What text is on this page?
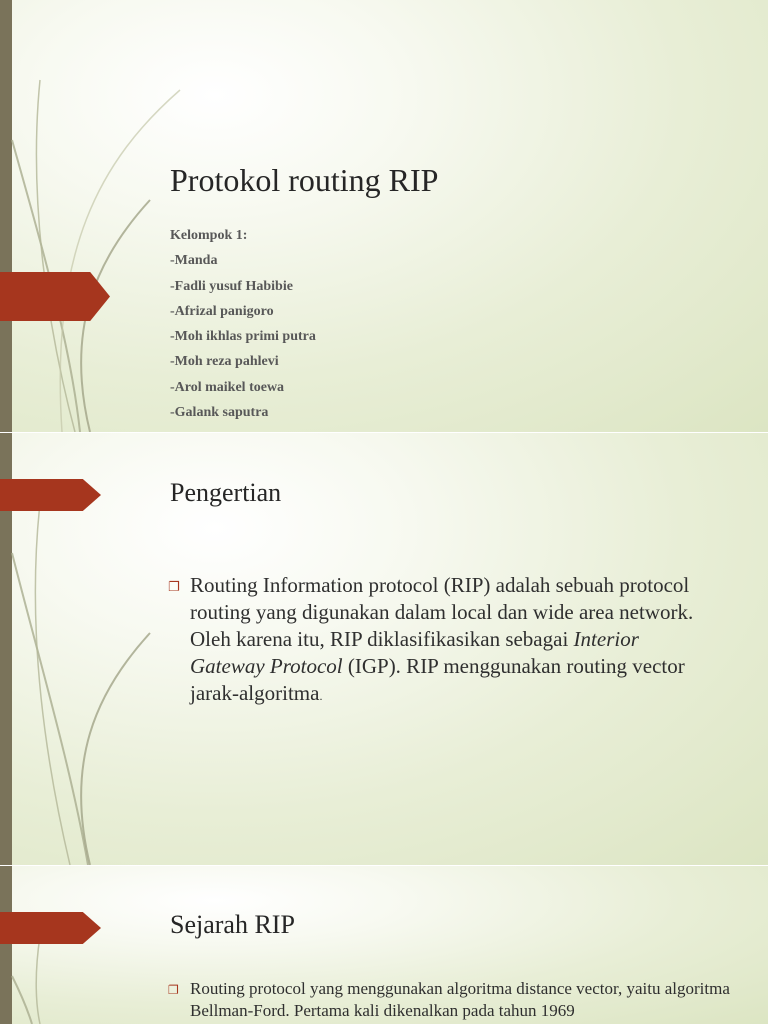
Protokol routing RIP
Kelompok 1:
-Manda
-Fadli yusuf Habibie
-Afrizal panigoro
-Moh ikhlas primi putra
-Moh reza pahlevi
-Arol maikel toewa
-Galank saputra
❐ Routing Information protocol (RIP) adalah sebuah protocol routing yang digunakan dalam local dan wide area network. Oleh karena itu, RIP diklasifikasikan sebagai Interior Gateway Protocol (IGP). RIP menggunakan routing vector jarak-algoritma.
Pengertian
Sejarah RIP
❐ Routing protocol yang menggunakan algoritma distance vector, yaitu algoritma Bellman-Ford. Pertama kali dikenalkan pada tahun 1969
